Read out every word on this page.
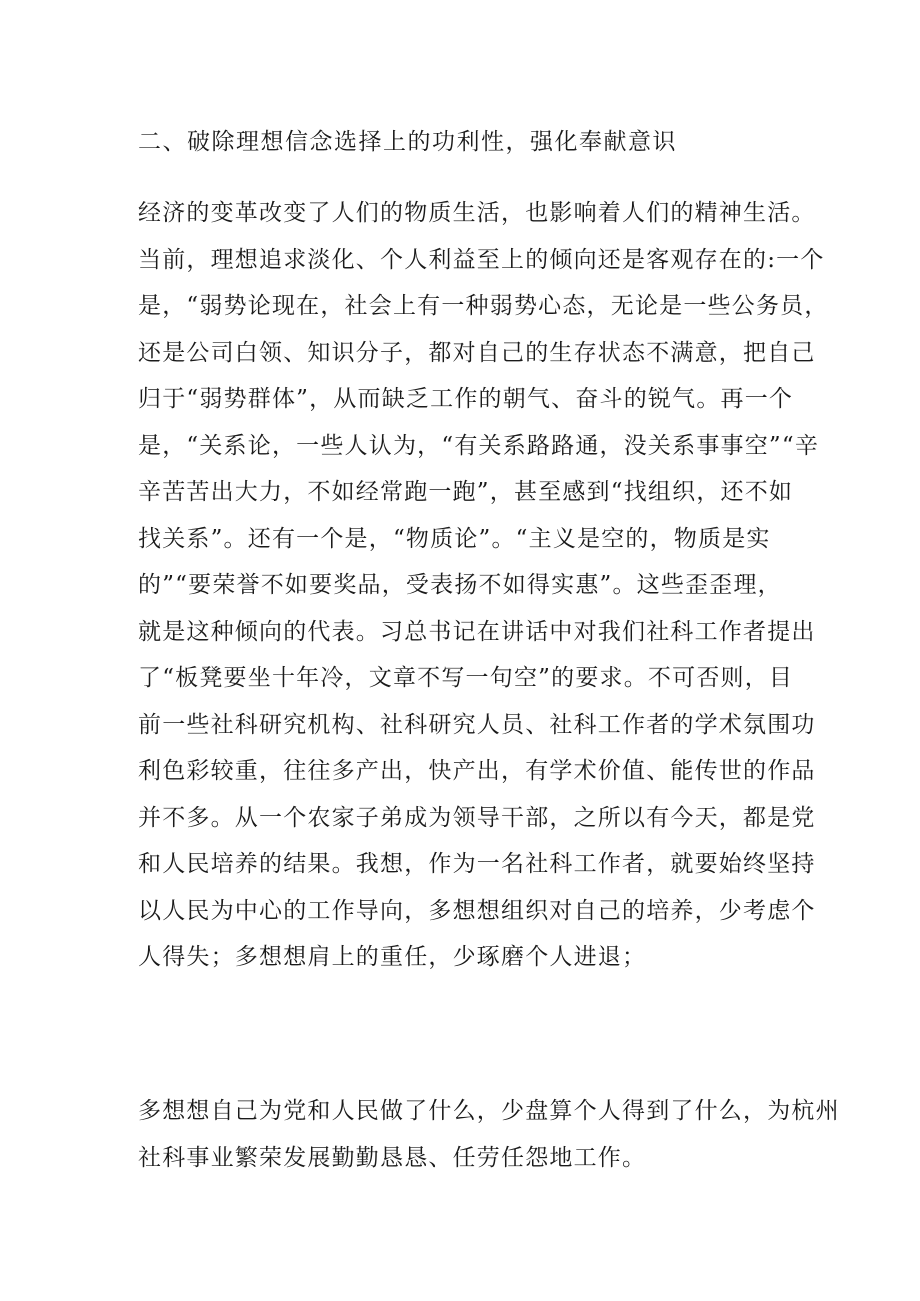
二、破除理想信念选择上的功利性，强化奉献意识

经济的变革改变了人们的物质生活，也影响着人们的精神生活。
当前，理想追求淡化、个人利益至上的倾向还是客观存在的:一个
是，“弱势论现在，社会上有一种弱势心态，无论是一些公务员，
还是公司白领、知识分子，都对自己的生存状态不满意，把自己
归于“弱势群体”，从而缺乏工作的朝气、奋斗的锐气。再一个
是，“关系论，一些人认为，“有关系路路通，没关系事事空”“辛
辛苦苦出大力，不如经常跑一跑”，甚至感到“找组织，还不如
找关系”。还有一个是，“物质论”。“主义是空的，物质是实
的”“要荣誉不如要奖品，受表扬不如得实惠”。这些歪歪理，
就是这种倾向的代表。习总书记在讲话中对我们社科工作者提出
了“板凳要坐十年冷，文章不写一句空”的要求。不可否则，目
前一些社科研究机构、社科研究人员、社科工作者的学术氛围功
利色彩较重，往往多产出，快产出，有学术价值、能传世的作品
并不多。从一个农家子弟成为领导干部，之所以有今天，都是党
和人民培养的结果。我想，作为一名社科工作者，就要始终坚持
以人民为中心的工作导向，多想想组织对自己的培养，少考虑个
人得失；多想想肩上的重任，少琢磨个人进退；

多想想自己为党和人民做了什么，少盘算个人得到了什么，为杭州
社科事业繁荣发展勤勤恳恳、任劳任怨地工作。
